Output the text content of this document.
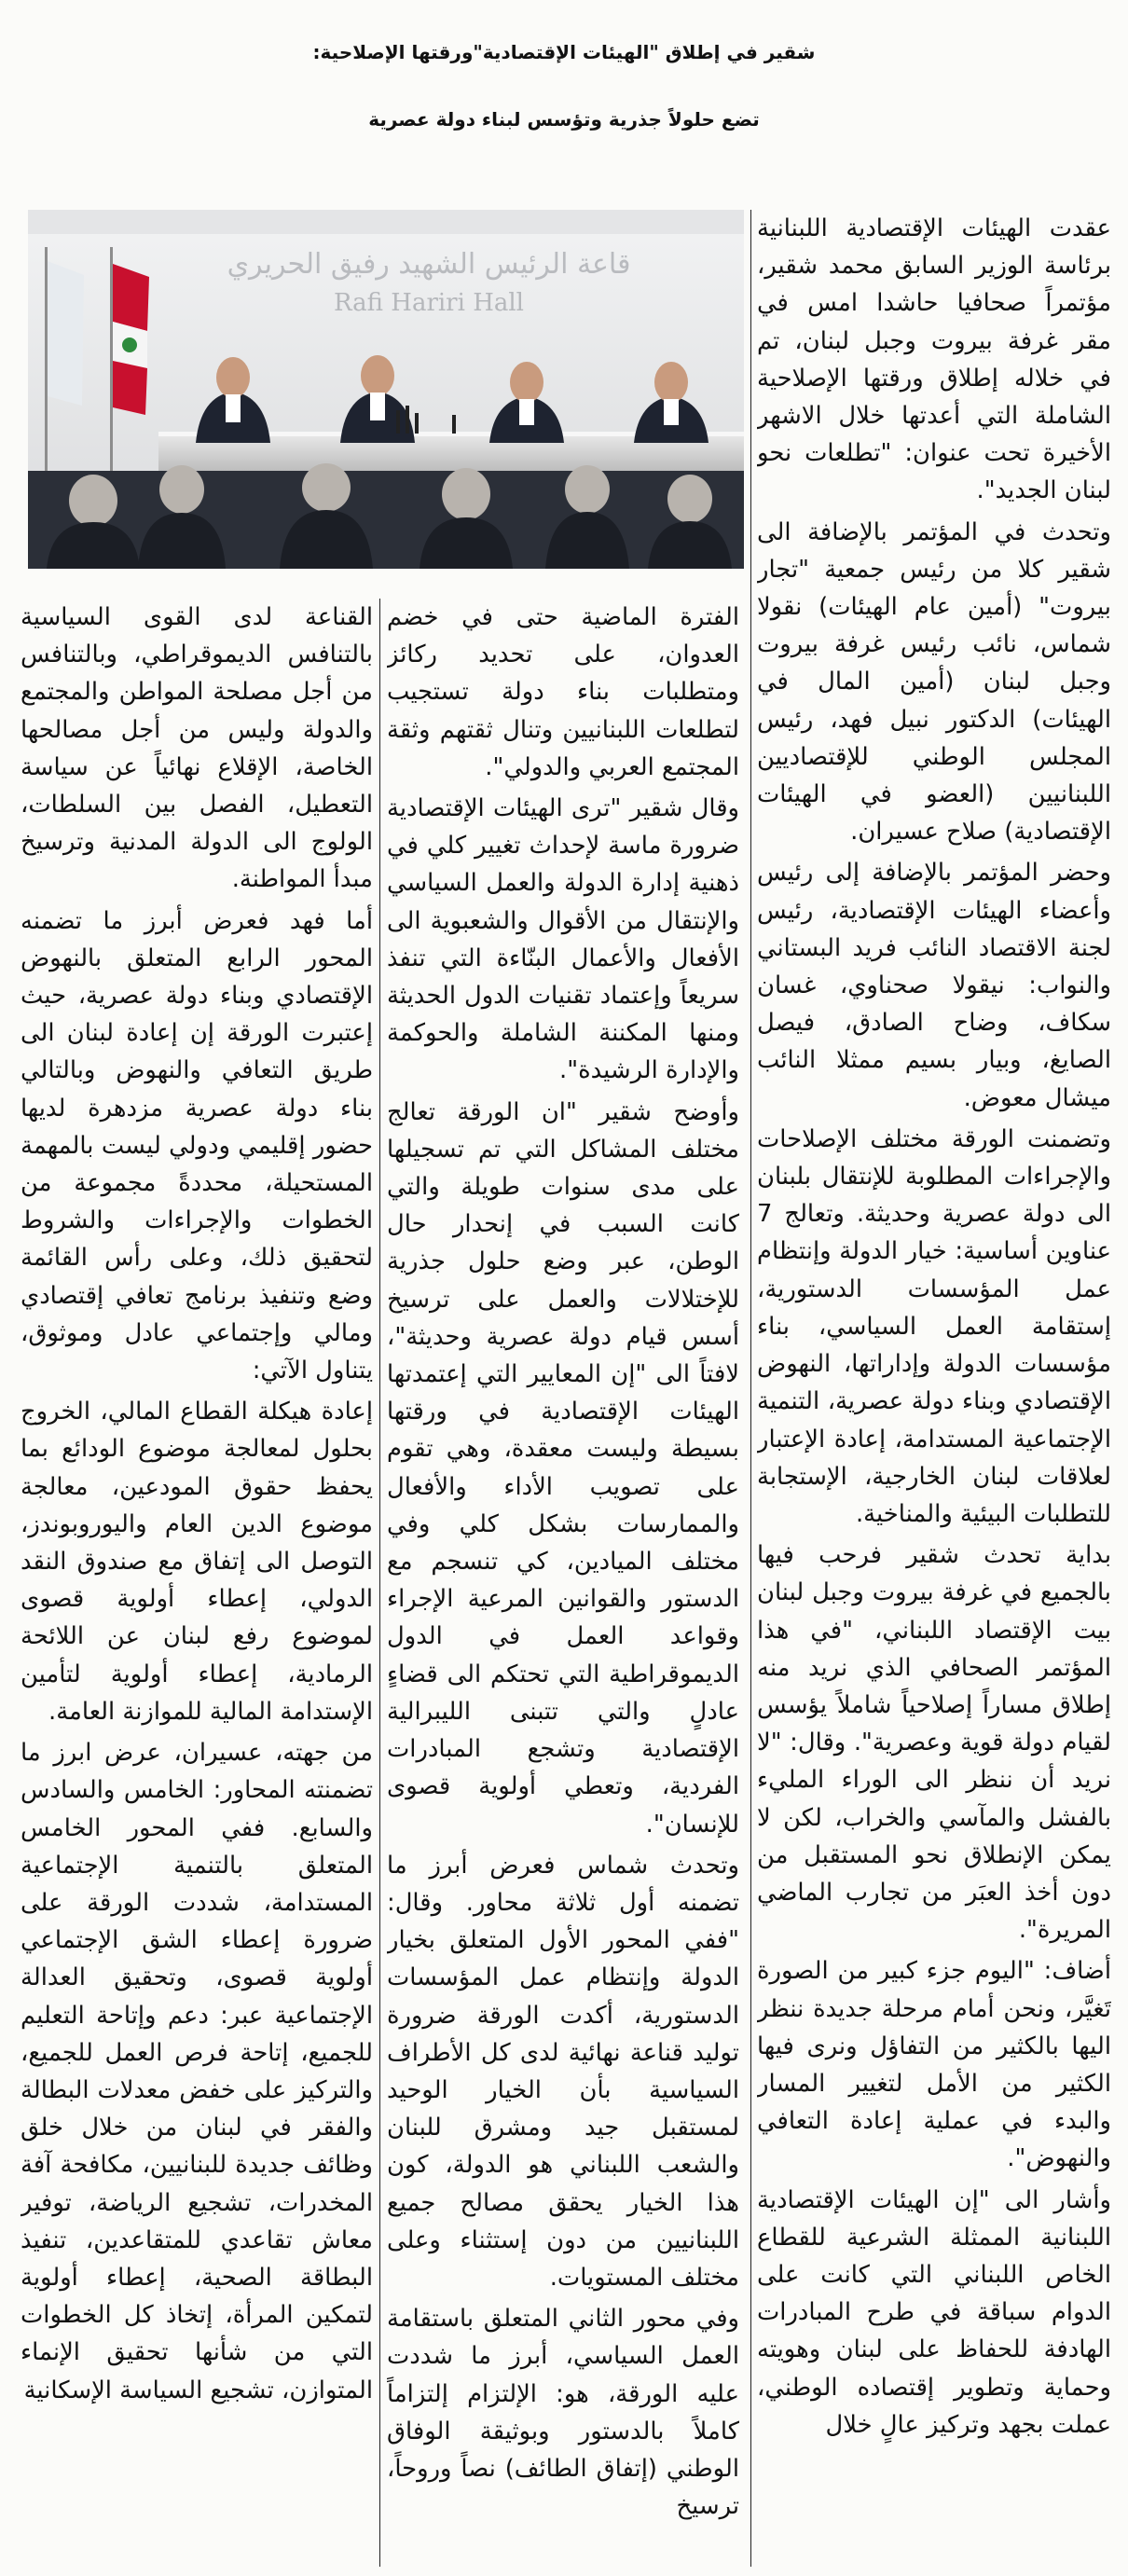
شقير في إطلاق "الهيئات الإقتصادية"ورقتها الإصلاحية:
تضع حلولاً جذرية وتؤسس لبناء دولة عصرية
قاعة الرئيس الشهيد رفيق الحريري
Rafi Hariri Hall

عقدت الهيئات الإقتصادية اللبنانية برئاسة الوزير السابق محمد شقير، مؤتمراً صحافيا حاشدا امس في مقر غرفة بيروت وجبل لبنان، تم في خلاله إطلاق ورقتها الإصلاحية الشاملة التي أعدتها خلال الاشهر الأخيرة تحت عنوان: "تطلعات نحو لبنان الجديد".

وتحدث في المؤتمر بالإضافة الى شقير كلا من رئيس جمعية "تجار بيروت" (أمين عام الهيئات) نقولا شماس، نائب رئيس غرفة بيروت وجبل لبنان (أمين المال في الهيئات) الدكتور نبيل فهد، رئيس المجلس الوطني للإقتصاديين اللبنانيين (العضو في الهيئات الإقتصادية) صلاح عسيران.

وحضر المؤتمر بالإضافة إلى رئيس وأعضاء الهيئات الإقتصادية، رئيس لجنة الاقتصاد النائب فريد البستاني والنواب: نيقولا صحناوي، غسان سكاف، وضاح الصادق، فيصل الصايغ، وبيار بسيم ممثلا النائب ميشال معوض.

وتضمنت الورقة مختلف الإصلاحات والإجراءات المطلوبة للإنتقال بلبنان الى دولة عصرية وحديثة. وتعالج 7 عناوين أساسية: خيار الدولة وإنتظام عمل المؤسسات الدستورية، إستقامة العمل السياسي، بناء مؤسسات الدولة وإداراتها، النهوض الإقتصادي وبناء دولة عصرية، التنمية الإجتماعية المستدامة، إعادة الإعتبار لعلاقات لبنان الخارجية، الإستجابة للتطلبات البيئية والمناخية.

بداية تحدث شقير فرحب فيها بالجميع في غرفة بيروت وجبل لبنان بيت الإقتصاد اللبناني، "في هذا المؤتمر الصحافي الذي نريد منه إطلاق مساراً إصلاحياً شاملاً يؤسس لقيام دولة قوية وعصرية". وقال: "لا نريد أن ننظر الى الوراء المليء بالفشل والمآسي والخراب، لكن لا يمكن الإنطلاق نحو المستقبل من دون أخذ العبَر من تجارب الماضي المريرة".

أضاف: "اليوم جزء كبير من الصورة تَغيَّر، ونحن أمام مرحلة جديدة ننظر اليها بالكثير من التفاؤل ونرى فيها الكثير من الأمل لتغيير المسار والبدء في عملية إعادة التعافي والنهوض".

وأشار الى "إن الهيئات الإقتصادية اللبنانية الممثلة الشرعية للقطاع الخاص اللبناني التي كانت على الدوام سباقة في طرح المبادرات الهادفة للحفاظ على لبنان وهويته وحماية وتطوير إقتصاده الوطني، عملت بجهد وتركيز عالٍ خلال

الفترة الماضية حتى في خضم العدوان، على تحديد ركائز ومتطلبات بناء دولة تستجيب لتطلعات اللبنانيين وتنال ثقتهم وثقة المجتمع العربي والدولي".

وقال شقير "ترى الهيئات الإقتصادية ضرورة ماسة لإحداث تغيير كلي في ذهنية إدارة الدولة والعمل السياسي والإنتقال من الأقوال والشعبوية الى الأفعال والأعمال البنّاءة التي تنفذ سريعاً وإعتماد تقنيات الدول الحديثة ومنها المكننة الشاملة والحوكمة والإدارة الرشيدة".

وأوضح شقير "ان الورقة تعالج مختلف المشاكل التي تم تسجيلها على مدى سنوات طويلة والتي كانت السبب في إنحدار حال الوطن، عبر وضع حلول جذرية للإختلالات والعمل على ترسيخ أسس قيام دولة عصرية وحديثة"، لافتاً الى "إن المعايير التي إعتمدتها الهيئات الإقتصادية في ورقتها بسيطة وليست معقدة، وهي تقوم على تصويب الأداء والأفعال والممارسات بشكل كلي وفي مختلف الميادين، كي تنسجم مع الدستور والقوانين المرعية الإجراء وقواعد العمل في الدول الديموقراطية التي تحتكم الى قضاءٍ عادلٍ والتي تتبنى الليبرالية الإقتصادية وتشجع المبادرات الفردية، وتعطي أولوية قصوى للإنسان".

وتحدث شماس فعرض أبرز ما تضمنه أول ثلاثة محاور. وقال: "ففي المحور الأول المتعلق بخيار الدولة وإنتظام عمل المؤسسات الدستورية، أكدت الورقة ضرورة توليد قناعة نهائية لدى كل الأطراف السياسية بأن الخيار الوحيد لمستقبل جيد ومشرق للبنان والشعب اللبناني هو الدولة، كون هذا الخيار يحقق مصالح جميع اللبنانيين من دون إستثناء وعلى مختلف المستويات.

وفي محور الثاني المتعلق باستقامة العمل السياسي، أبرز ما شددت عليه الورقة، هو: الإلتزام إلتزاماً كاملاً بالدستور وبوثيقة الوفاق الوطني (إتفاق الطائف) نصاً وروحاً، ترسيخ

القناعة لدى القوى السياسية بالتنافس الديموقراطي، وبالتنافس من أجل مصلحة المواطن والمجتمع والدولة وليس من أجل مصالحها الخاصة، الإقلاع نهائياً عن سياسة التعطيل، الفصل بين السلطات، الولوج الى الدولة المدنية وترسيخ مبدأ المواطنة.

أما فهد فعرض أبرز ما تضمنه المحور الرابع المتعلق بالنهوض الإقتصادي وبناء دولة عصرية، حيث إعتبرت الورقة إن إعادة لبنان الى طريق التعافي والنهوض وبالتالي بناء دولة عصرية مزدهرة لديها حضور إقليمي ودولي ليست بالمهمة المستحيلة، محددةً مجموعة من الخطوات والإجراءات والشروط لتحقيق ذلك، وعلى رأس القائمة وضع وتنفيذ برنامج تعافي إقتصادي ومالي وإجتماعي عادل وموثوق، يتناول الآتي:

إعادة هيكلة القطاع المالي، الخروج بحلول لمعالجة موضوع الودائع بما يحفظ حقوق المودعين، معالجة موضوع الدين العام واليوروبوندز، التوصل الى إتفاق مع صندوق النقد الدولي، إعطاء أولوية قصوى لموضوع رفع لبنان عن اللائحة الرمادية، إعطاء أولوية لتأمين الإستدامة المالية للموازنة العامة.

من جهته، عسيران، عرض ابرز ما تضمنته المحاور: الخامس والسادس والسابع. ففي المحور الخامس المتعلق بالتنمية الإجتماعية المستدامة، شددت الورقة على ضرورة إعطاء الشق الإجتماعي أولوية قصوى، وتحقيق العدالة الإجتماعية عبر: دعم وإتاحة التعليم للجميع، إتاحة فرص العمل للجميع، والتركيز على خفض معدلات البطالة والفقر في لبنان من خلال خلق وظائف جديدة للبنانيين، مكافحة آفة المخدرات، تشجيع الرياضة، توفير معاش تقاعدي للمتقاعدين، تنفيذ البطاقة الصحية، إعطاء أولوية لتمكين المرأة، إتخاذ كل الخطوات التي من شأنها تحقيق الإنماء المتوازن، تشجيع السياسة الإسكانية
